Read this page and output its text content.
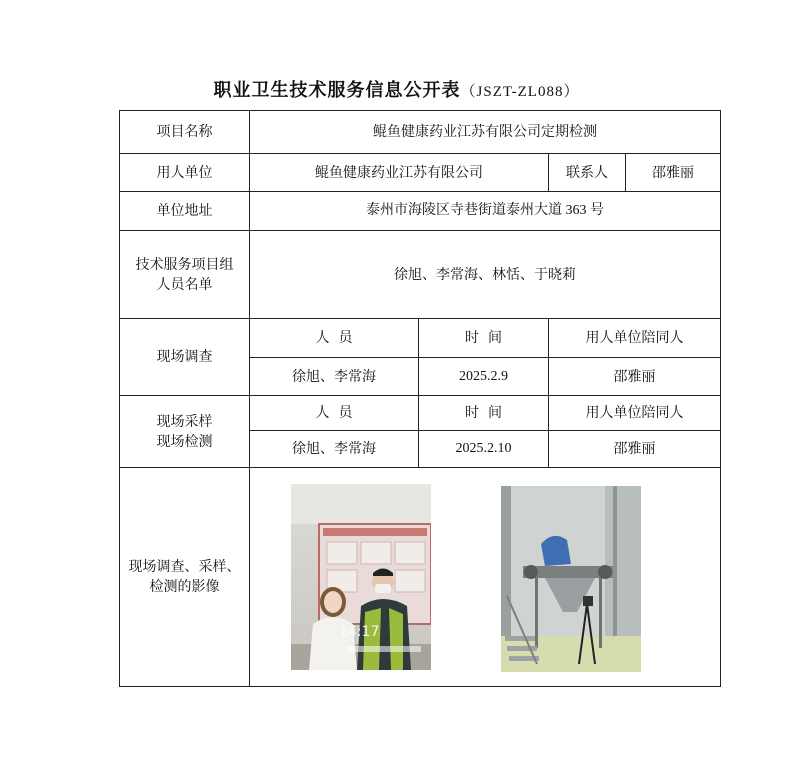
职业卫生技术服务信息公开表（JSZT-ZL088）
项目名称	鲲鱼健康药业江苏有限公司定期检测			
用人单位	鲲鱼健康药业江苏有限公司		联系人	邵雅丽
单位地址	泰州市海陵区寺巷街道泰州大道 363 号			

技术服务项目组
人员名单	徐旭、李常海、林恬、于晓莉			
现场调查	人  员	时  间	用人单位陪同人	
	徐旭、李常海	2025.2.9	邵雅丽	

现场采样
现场检测	人  员	时  间	用人单位陪同人	
	徐旭、李常海	2025.2.10	邵雅丽	

现场调查、采样、
检测的影像	14:17			
